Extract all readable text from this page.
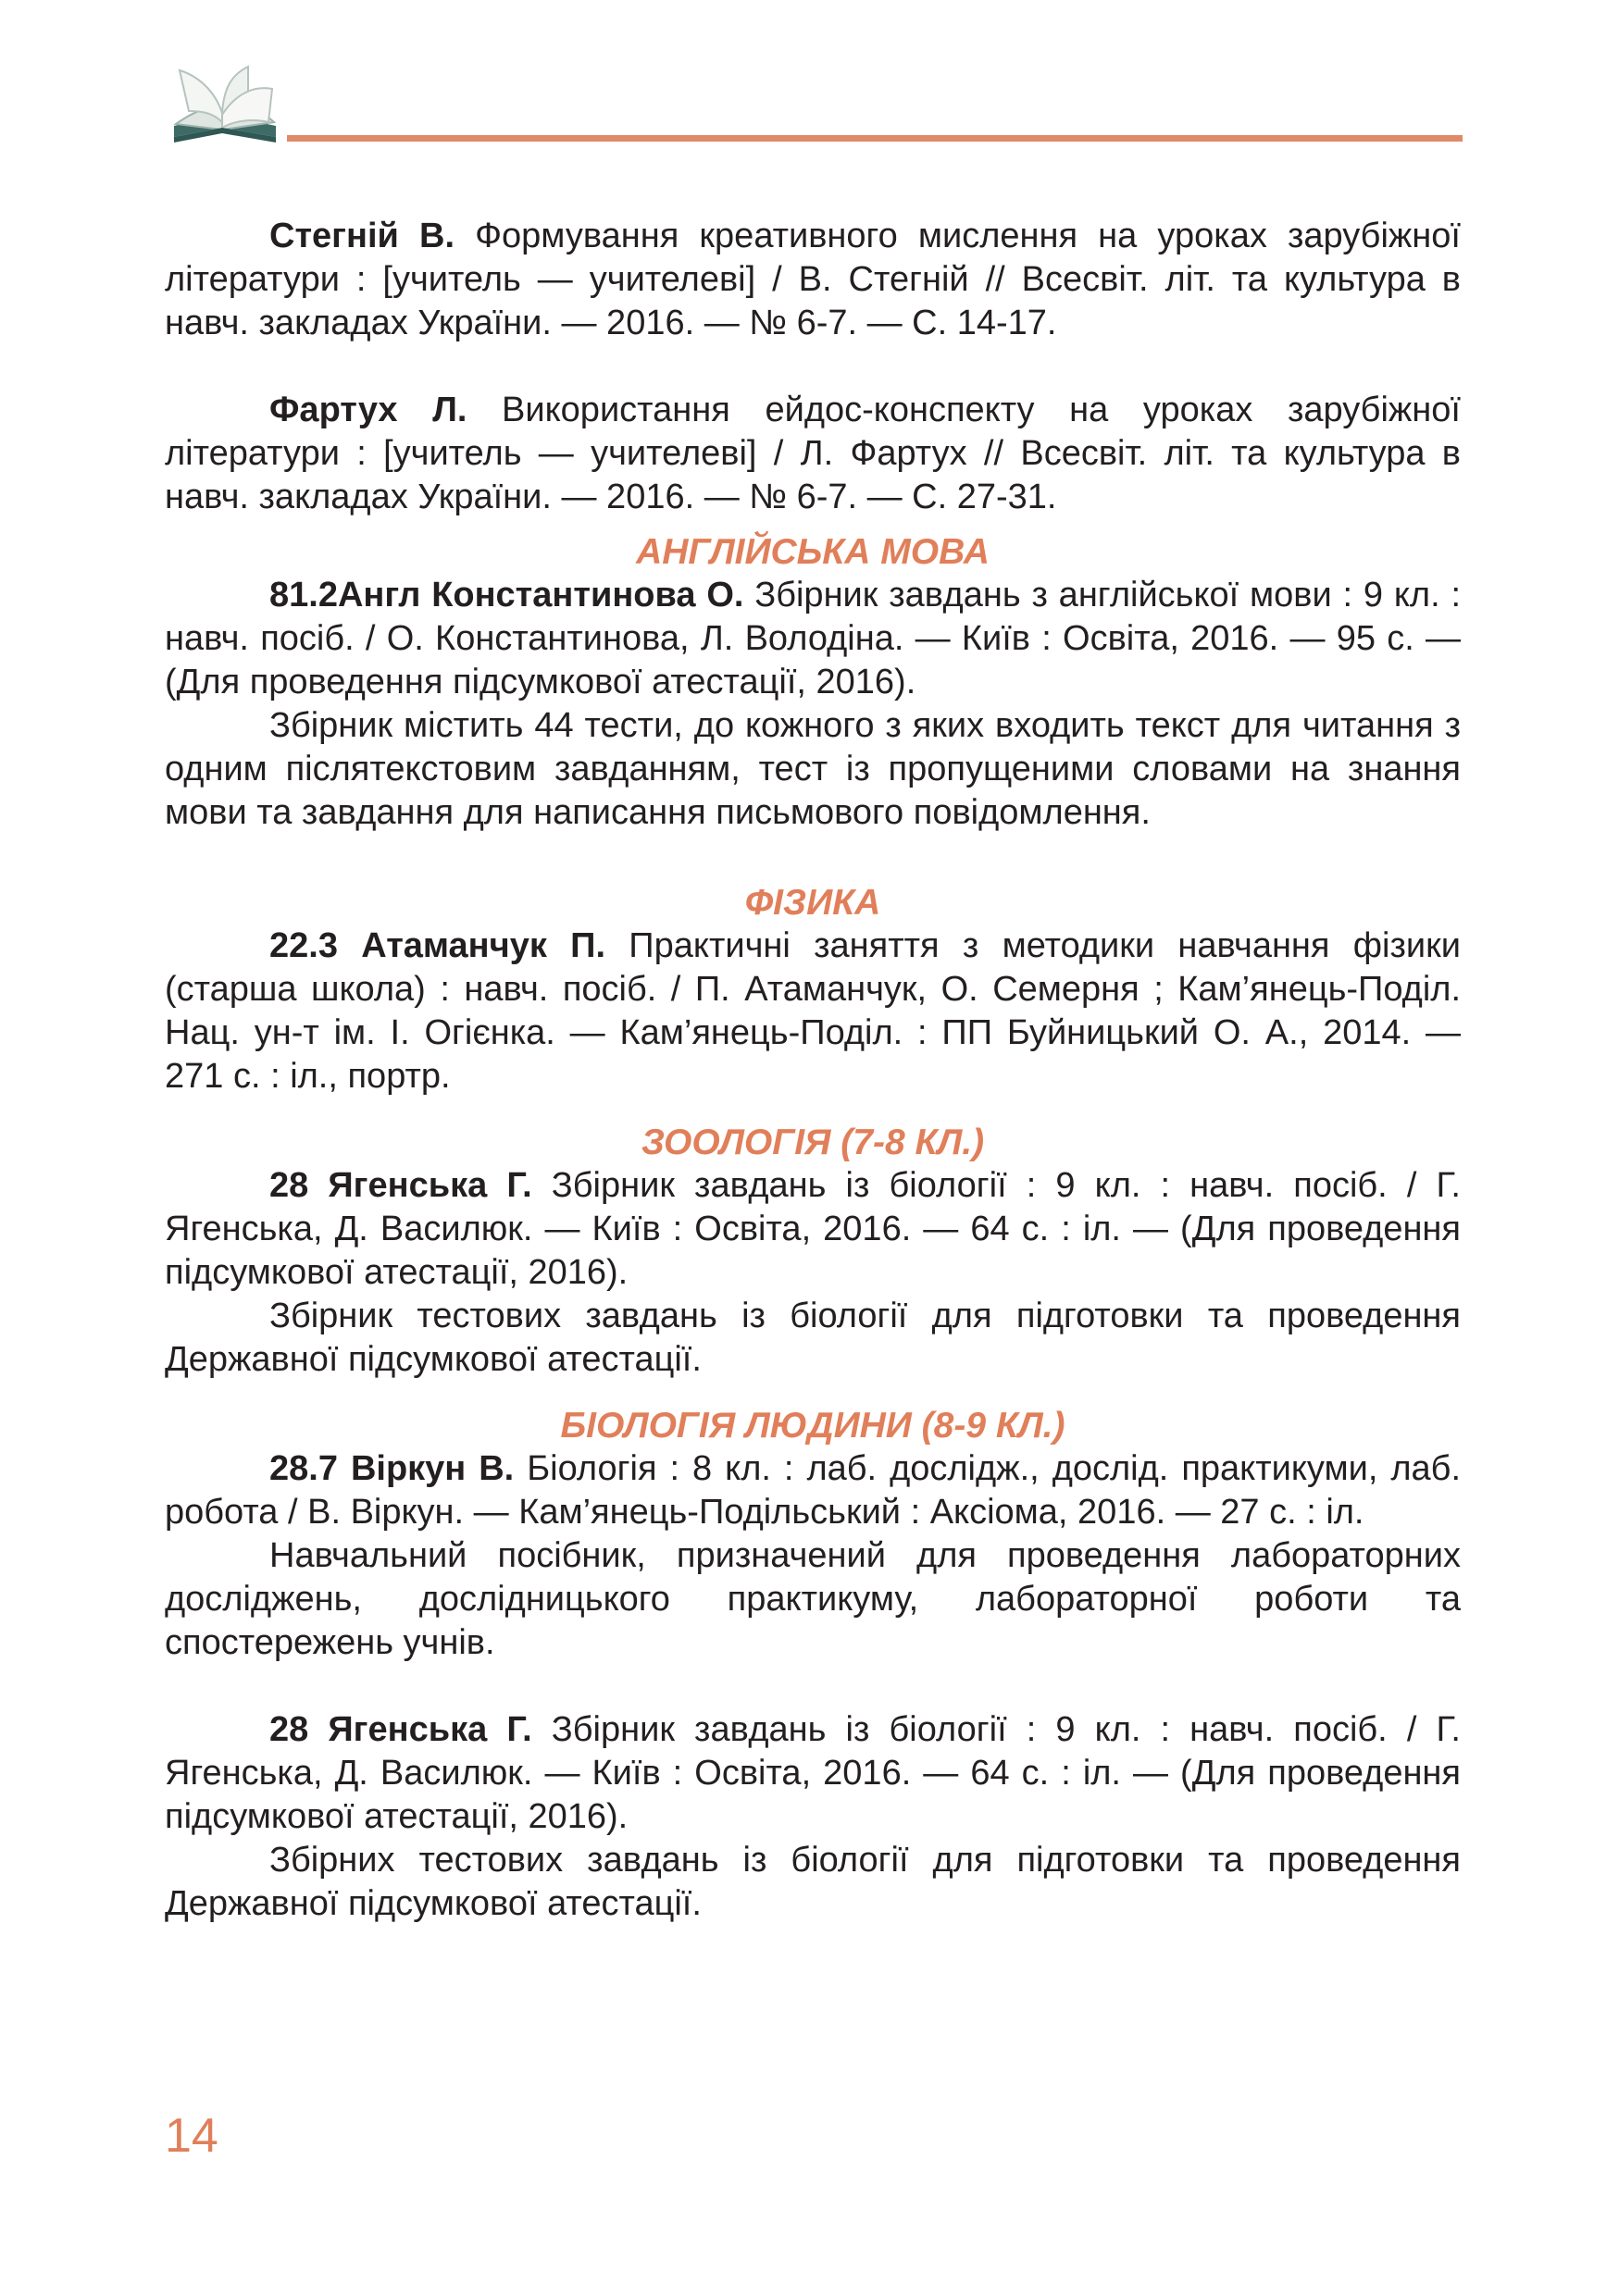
Стегній В. Формування креативного мислення на уроках зарубіжної літератури : [учитель — учителеві] / В. Стегній // Всесвіт. літ. та культура в навч. закладах України. — 2016. — № 6-7. — С. 14-17.

Фартух Л. Використання ейдос-конспекту на уроках зарубіжної літератури : [учитель — учителеві] / Л. Фартух // Всесвіт. літ. та культура в навч. закладах України. — 2016. — № 6-7. — С. 27-31.

АНГЛІЙСЬКА МОВА

81.2Англ Константинова О. Збірник завдань з англійської мови : 9 кл. : навч. посіб. / О. Константинова, Л. Володіна. — Київ : Освіта, 2016. — 95 с. — (Для проведення підсумкової атестації, 2016).

Збірник містить 44 тести, до кожного з яких входить текст для читання з одним післятекстовим завданням, тест із пропущеними словами на знання мови та завдання для написання письмового повідомлення.

ФІЗИКА

22.3 Атаманчук П. Практичні заняття з методики навчання фізики (старша школа) : навч. посіб. / П. Атаманчук, О. Семерня ; Кам’янець-Поділ. Нац. ун-т ім. І. Огієнка. — Кам’янець-Поділ. : ПП Буйницький О. А., 2014. — 271 с. : іл., портр.

ЗООЛОГІЯ (7-8 КЛ.)

28 Ягенська Г. Збірник завдань із біології : 9 кл. : навч. посіб. / Г. Ягенська, Д. Василюк. — Київ : Освіта, 2016. — 64 с. : іл. — (Для проведення підсумкової атестації, 2016).

Збірник тестових завдань із біології для підготовки та проведення Державної підсумкової атестації.

БІОЛОГІЯ ЛЮДИНИ (8-9 КЛ.)

28.7 Віркун В. Біологія : 8 кл. : лаб. дослідж., дослід. практикуми, лаб. робота / В. Віркун. — Кам’янець-Подільський : Аксіома, 2016. — 27 с. : іл.

Навчальний посібник, призначений для проведення лабораторних досліджень, дослідницького практикуму, лабораторної роботи та спостережень учнів.

28 Ягенська Г. Збірник завдань із біології : 9 кл. : навч. посіб. / Г. Ягенська, Д. Василюк. — Київ : Освіта, 2016. — 64 с. : іл. — (Для проведення підсумкової атестації, 2016).

Збірних тестових завдань із біології для підготовки та проведення Державної підсумкової атестації.

14
